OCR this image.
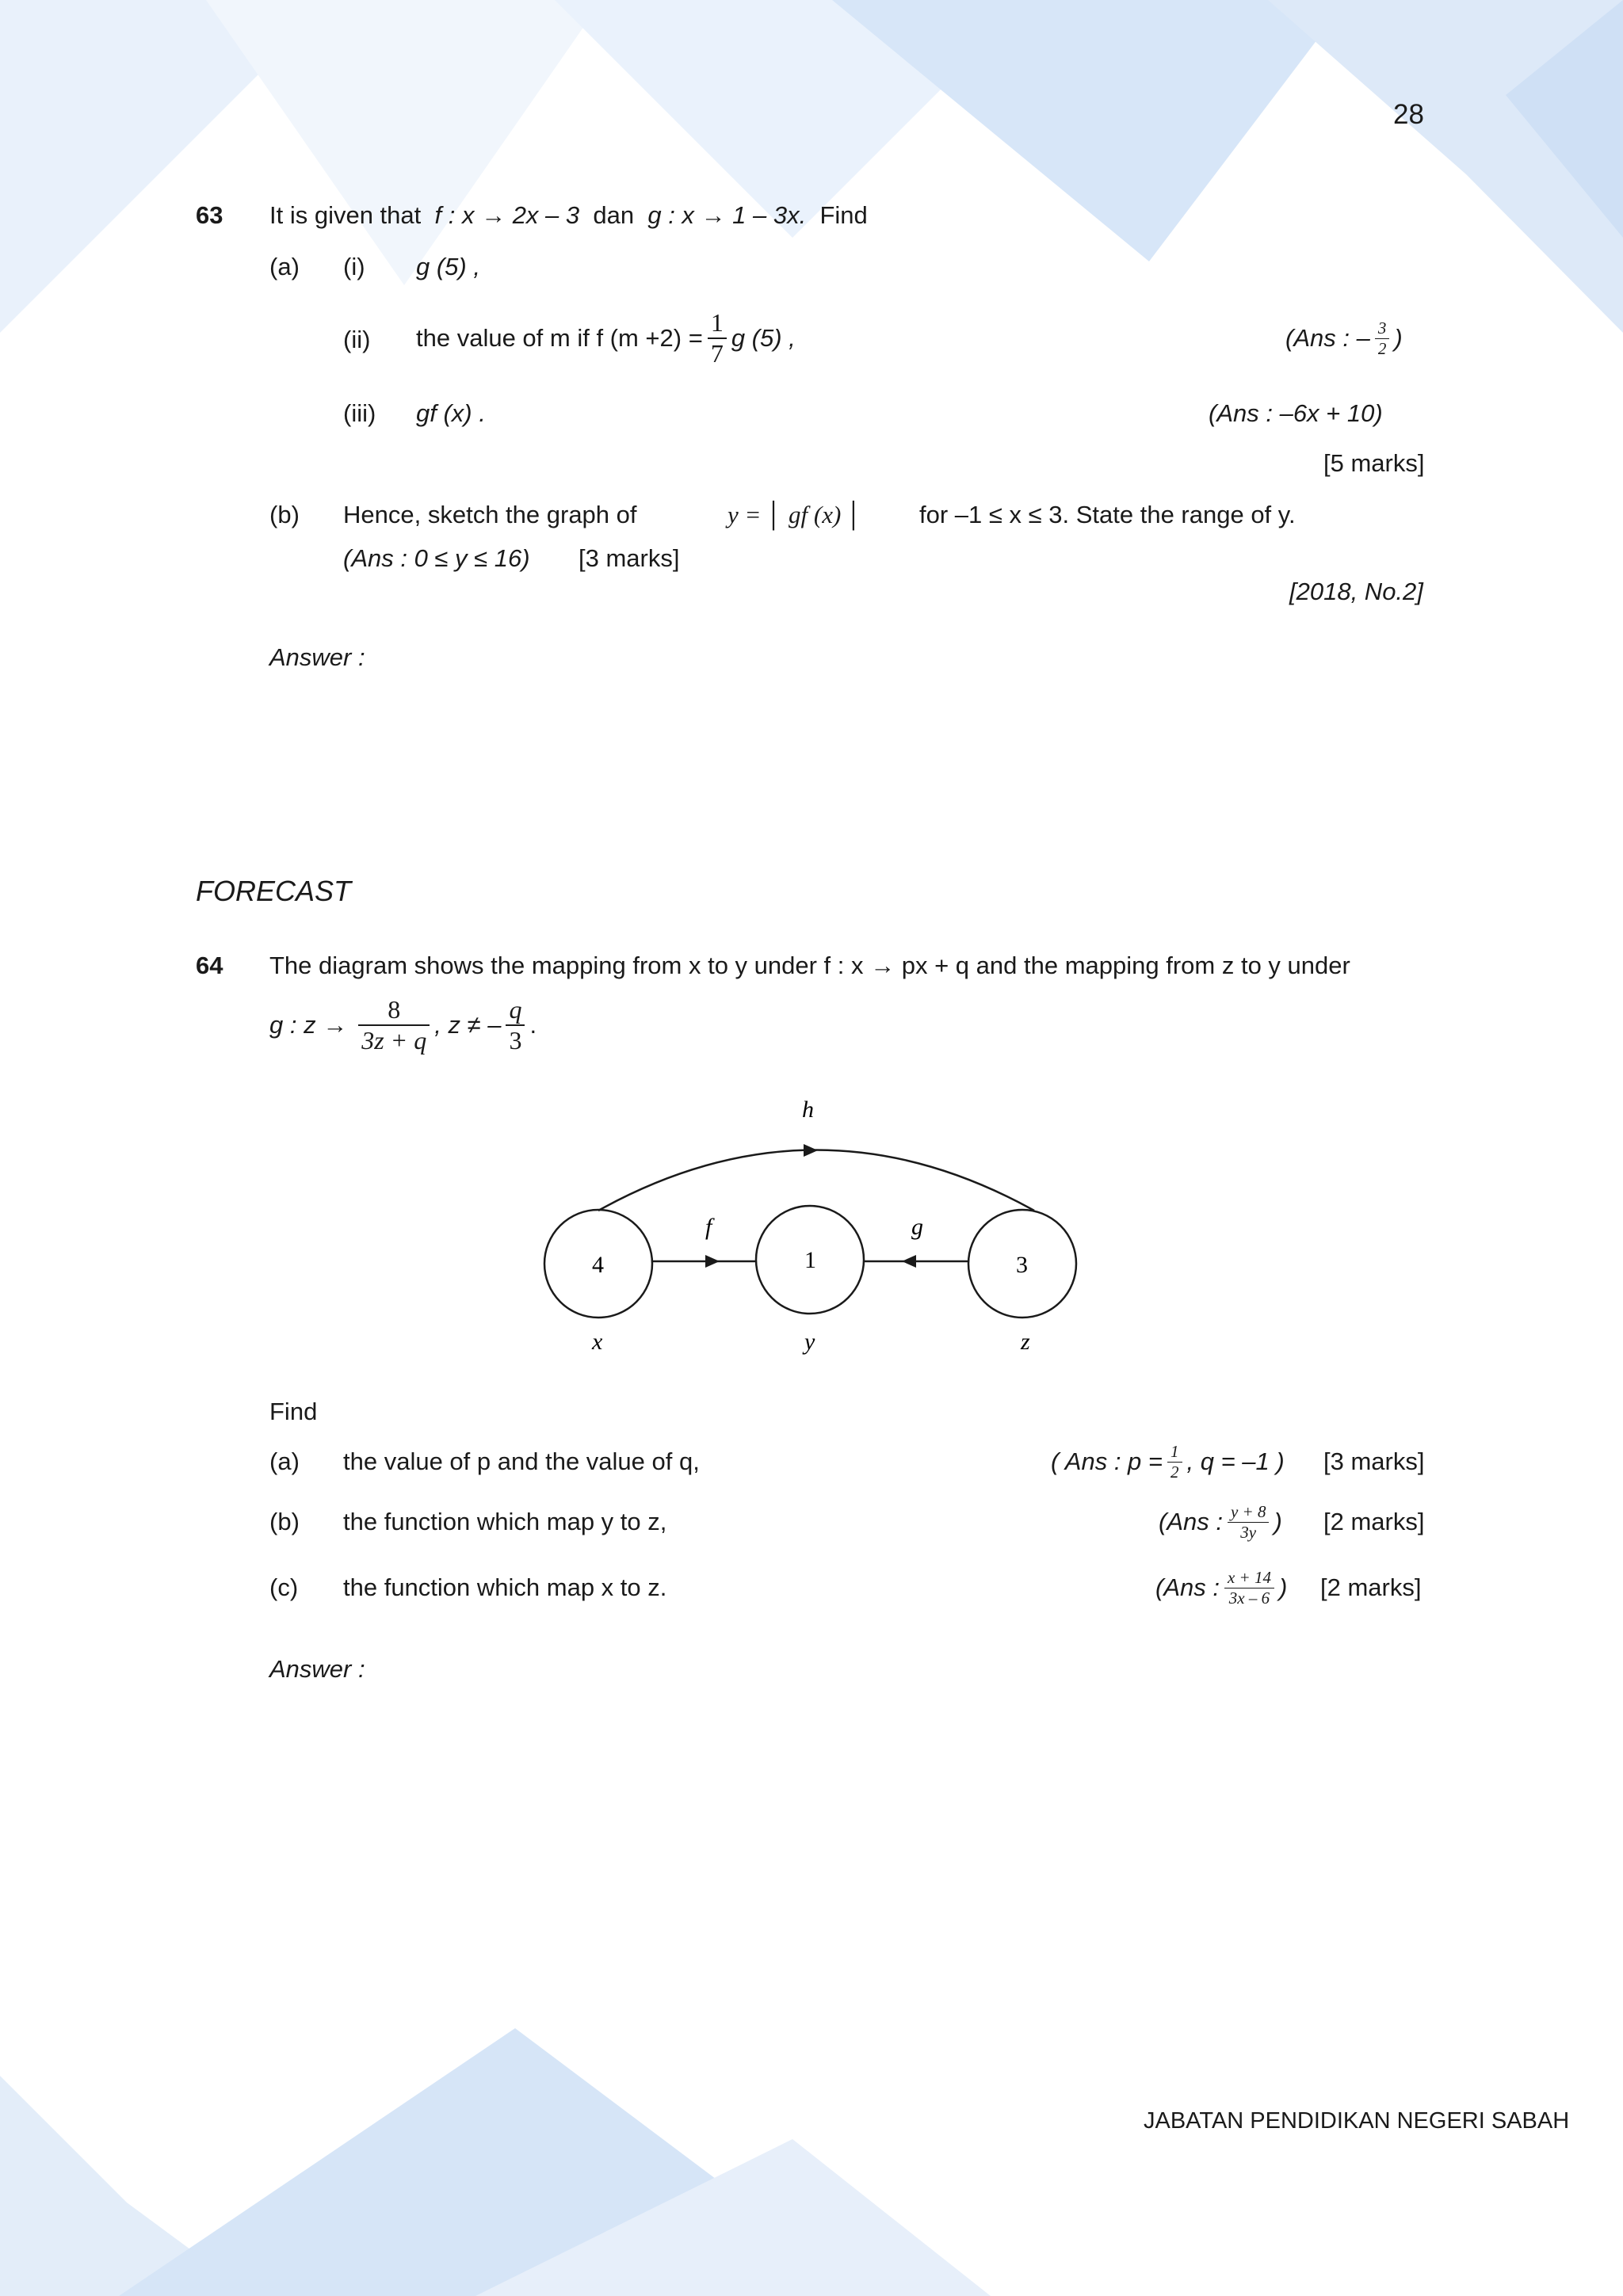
28
63 It is given that f : x → 2x – 3 dan g : x → 1 – 3x. Find
(a) (i) g (5) ,
(ii) the value of m if f $(m +2) = \frac{1}{7}$ g (5) ,	(Ans : – $\frac{3}{2}$ )
(iii) gf (x) .	(Ans : –6x + 10)
[5 marks]
(b) Hence, sketch the graph of	y = │ gf (x) │ for –1 ≤ x ≤ 3. State the range of y.
(Ans : 0 ≤ y ≤ 16) [3 marks]
[2018, No.2]
Answer :
FORECAST
64 The diagram shows the mapping from x to y under f : x → px + q and the mapping from z to y under
g : $z \to \frac{8}{3z + q}$ , z ≠ – $\frac{q}{3}$ .
h
f	g
4	1	3
x	y	z
Find
(a) the value of p and the value of q,	( Ans : $p = \frac{1}{2}$ , q = –1 ) [3 marks]
(b) the function which map y to z,	(Ans : $\frac{y + 8}{3y}$ ) [2 marks]
(c) the function which map x to z.	(Ans : $\frac{x + 14}{3x - 6}$ ) [2 marks]
Answer :
JABATAN PENDIDIKAN NEGERI SABAH
